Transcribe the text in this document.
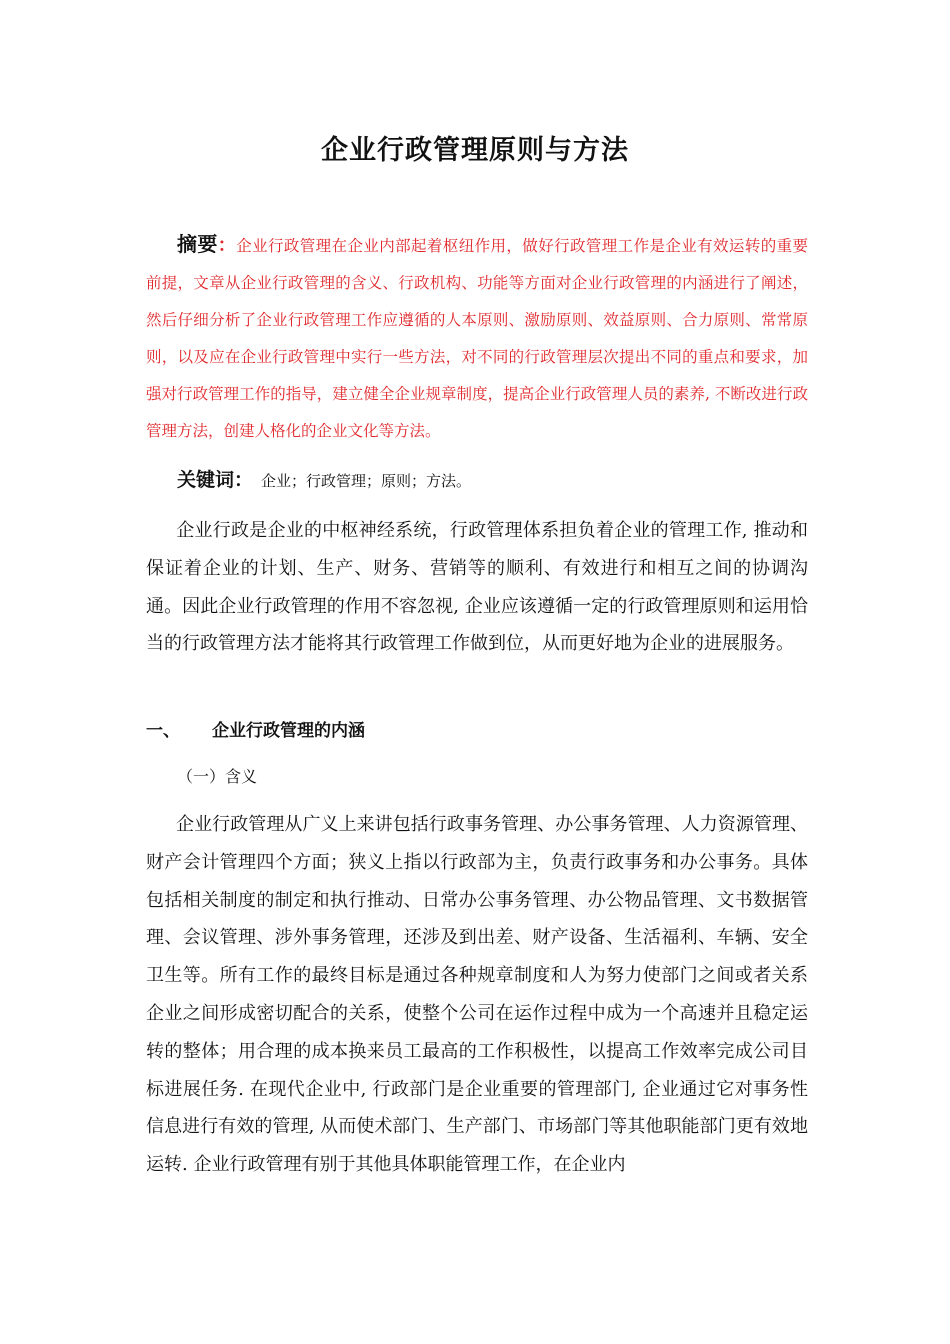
企业行政管理原则与方法
摘要：企业行政管理在企业内部起着枢纽作用，做好行政管理工作是企业有效运转的重要前提，文章从企业行政管理的含义、行政机构、功能等方面对企业行政管理的内涵进行了阐述，然后仔细分析了企业行政管理工作应遵循的人本原则、激励原则、效益原则、合力原则、常常原则，以及应在企业行政管理中实行一些方法，对不同的行政管理层次提出不同的重点和要求，加强对行政管理工作的指导，建立健全企业规章制度，提高企业行政管理人员的素养, 不断改进行政管理方法，创建人格化的企业文化等方法。
关键词： 企业；行政管理；原则；方法。
企业行政是企业的中枢神经系统，行政管理体系担负着企业的管理工作, 推动和保证着企业的计划、生产、财务、营销等的顺利、有效进行和相互之间的协调沟通。因此企业行政管理的作用不容忽视, 企业应该遵循一定的行政管理原则和运用恰当的行政管理方法才能将其行政管理工作做到位，从而更好地为企业的进展服务。
一、 企业行政管理的内涵
（一）含义
企业行政管理从广义上来讲包括行政事务管理、办公事务管理、人力资源管理、财产会计管理四个方面；狭义上指以行政部为主，负责行政事务和办公事务。具体包括相关制度的制定和执行推动、日常办公事务管理、办公物品管理、文书数据管理、会议管理、涉外事务管理，还涉及到出差、财产设备、生活福利、车辆、安全卫生等。所有工作的最终目标是通过各种规章制度和人为努力使部门之间或者关系企业之间形成密切配合的关系，使整个公司在运作过程中成为一个高速并且稳定运转的整体；用合理的成本换来员工最高的工作积极性，以提高工作效率完成公司目标进展任务. 在现代企业中, 行政部门是企业重要的管理部门, 企业通过它对事务性信息进行有效的管理, 从而使术部门、生产部门、市场部门等其他职能部门更有效地运转. 企业行政管理有别于其他具体职能管理工作，在企业内
